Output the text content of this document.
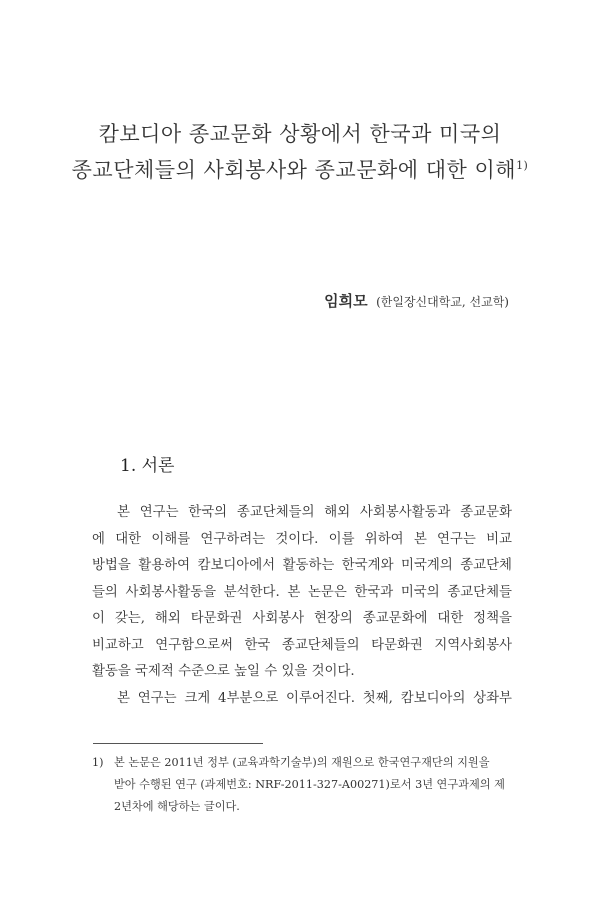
캄보디아 종교문화 상황에서 한국과 미국의
종교단체들의 사회봉사와 종교문화에 대한 이해$^{1)}$
임희모 (한일장신대학교, 선교학)
1. 서론

본 연구는 한국의 종교단체들의 해외 사회봉사활동과 종교문화
에 대한 이해를 연구하려는 것이다. 이를 위하여 본 연구는 비교
방법을 활용하여 캄보디아에서 활동하는 한국계와 미국계의 종교단체
들의 사회봉사활동을 분석한다. 본 논문은 한국과 미국의 종교단체들
이 갖는, 해외 타문화권 사회봉사 현장의 종교문화에 대한 정책을
비교하고 연구함으로써 한국 종교단체들의 타문화권 지역사회봉사
활동을 국제적 수준으로 높일 수 있을 것이다.

본 연구는 크게 4부분으로 이루어진다. 첫째, 캄보디아의 상좌부

1) 본 논문은 2011년 정부 (교육과학기술부)의 재원으로 한국연구재단의 지원을
받아 수행된 연구 (과제번호: NRF-2011-327-A00271)로서 3년 연구과제의 제
2년차에 해당하는 글이다.
